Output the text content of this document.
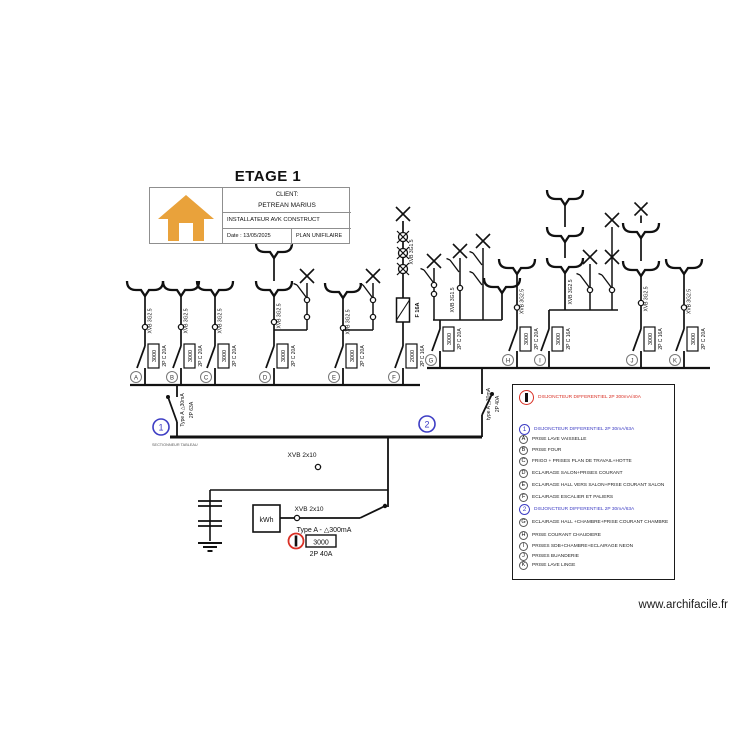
A
3000 2P C 20A
XVB 3G2.5
B
3000 2P C 20A
XVB 3G2.5
C
3000 2P C 20A
XVB 3G2.5
D
3000 2P C 20A
XVB 3G2.5
E
3000 2P C 20A
XVB 3G2.5
F
2000 2P C 16A
XVB 3G1.5
F 16A
G
3000 2P C 20A
XVB 3G1.5
H
3000 2P C 20A
XVB 3G2.5
I
3000 2P C 16A
XVB 3G2.5
J
3000 2P C 16A
XVB 3G2.5
K
3000 2P C 20A
XVB 3G2.5
Type A △30mA 2P 63A
1
SECTIONNEUR TABLEAU
type A △30mA 2P 40A
2
XVB 2x10
kWh
XVB 2x10
Type A - △300mA
3000
2P 40A
ETAGE 1
CLIENT:
PETREAN MARIUS
INSTALLATEUR AVK CONSTRUCT
Date : 13/05/2025	PLAN UNIFILAIRE
DISJONCTEUR DIFFERENTIEL 2P 300mA/40A
1	DISJONCTEUR DIFFERENTIEL 2P 30mA/63A
A	PRISE LAVE VAISSELLE
B	PRISE FOUR
C	FRIGO + PRISES PLAN DE TRAVAIL+HOTTE
D	ECLAIRAGE SALON+PRISES COURANT
E	ECLAIRAGE HALL VERS SALON+PRISE COURANT SALON
F	ECLAIRAGE ESCALIER ET PALIERS
2	DISJONCTEUR DIFFERENTIEL 2P 30mA/63A
G	ECLAIRAGE HALL +CHAMBRE+PRISE COURANT CHAMBRE
H	PRISE COURANT CHAUDIERE
I	PRISES SDB+CHAMBRE+ECLAIRAGE NEON
J	PRISES BUANDERIE
K	PRISE LAVE LINGE
www.archifacile.fr
